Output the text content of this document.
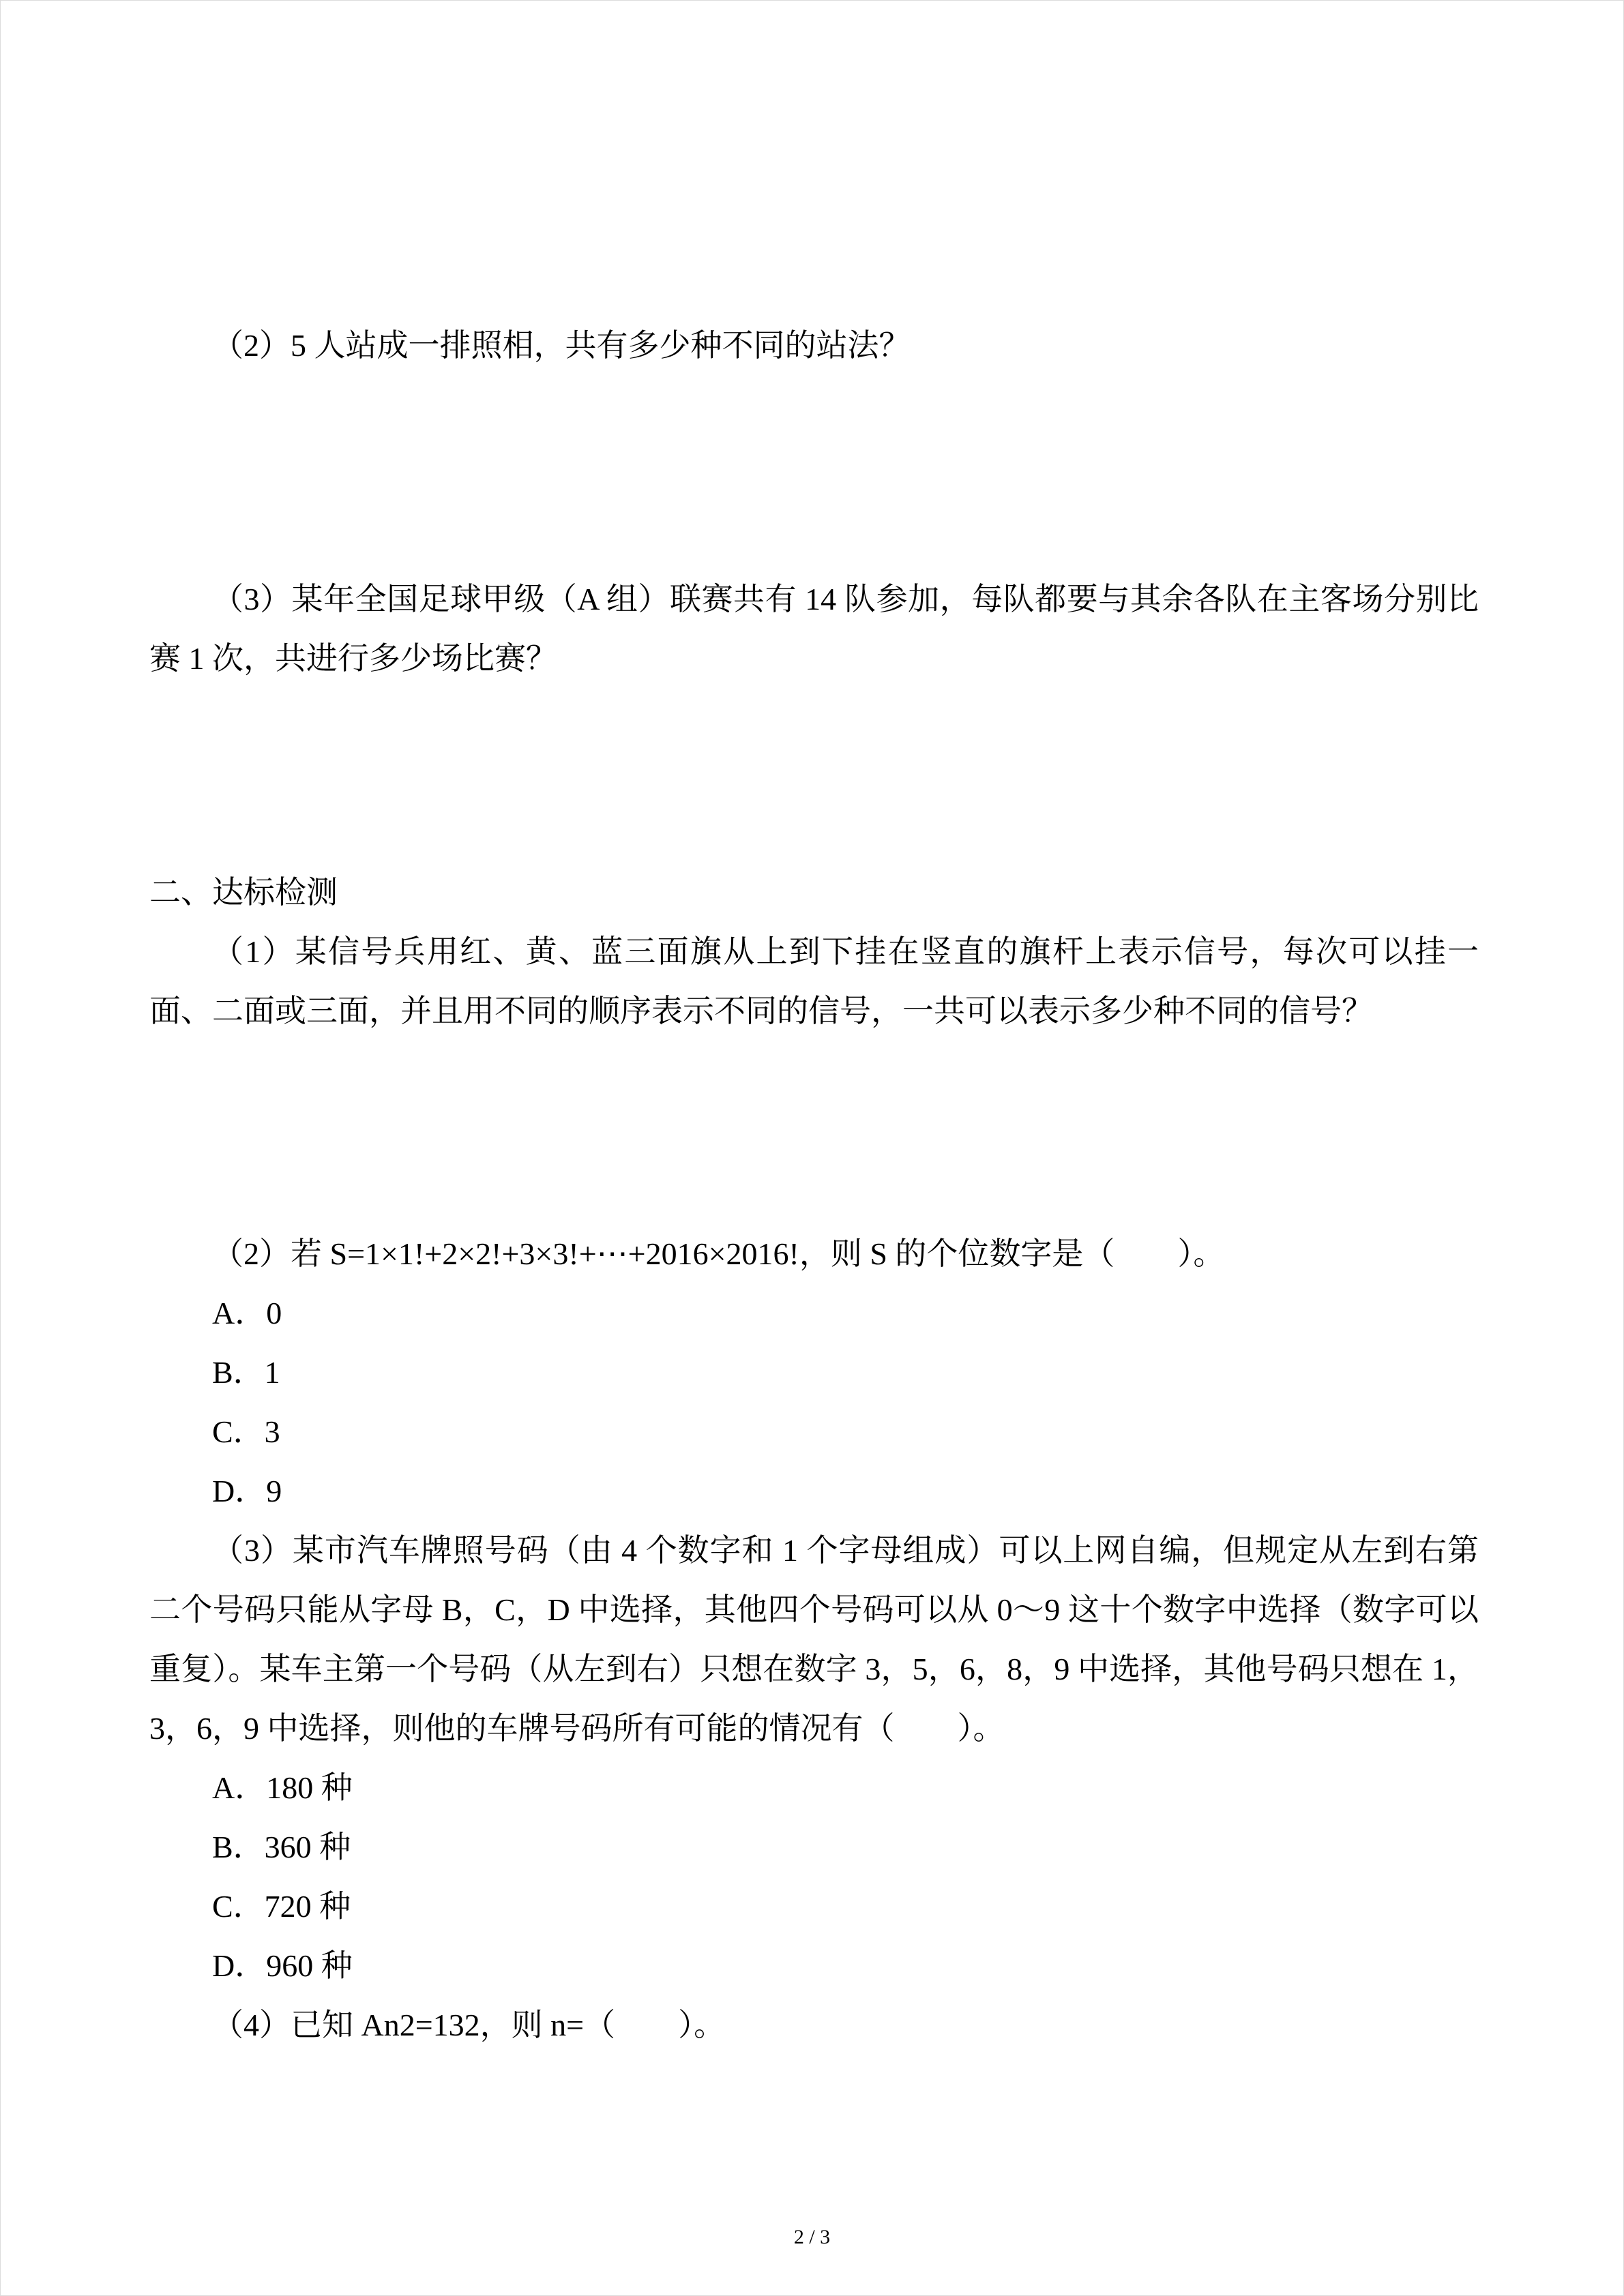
（2）5 人站成一排照相，共有多少种不同的站法？

（3）某年全国足球甲级（A 组）联赛共有 14 队参加，每队都要与其余各队在主客场分别比赛 1 次，共进行多少场比赛？

二、达标检测

（1）某信号兵用红、黄、蓝三面旗从上到下挂在竖直的旗杆上表示信号，每次可以挂一面、二面或三面，并且用不同的顺序表示不同的信号，一共可以表示多少种不同的信号？

（2）若 S=1×1!+2×2!+3×3!+⋯+2016×2016!，则 S 的个位数字是（　　）。

A．0

B．1

C．3

D．9

（3）某市汽车牌照号码（由 4 个数字和 1 个字母组成）可以上网自编，但规定从左到右第二个号码只能从字母 B，C，D 中选择，其他四个号码可以从 0～9 这十个数字中选择（数字可以重复）。某车主第一个号码（从左到右）只想在数字 3，5，6，8，9 中选择，其他号码只想在 1，3，6，9 中选择，则他的车牌号码所有可能的情况有（　　）。

A．180 种

B．360 种

C．720 种

D．960 种

（4）已知 An2=132，则 n=（　　）。

2 / 3
